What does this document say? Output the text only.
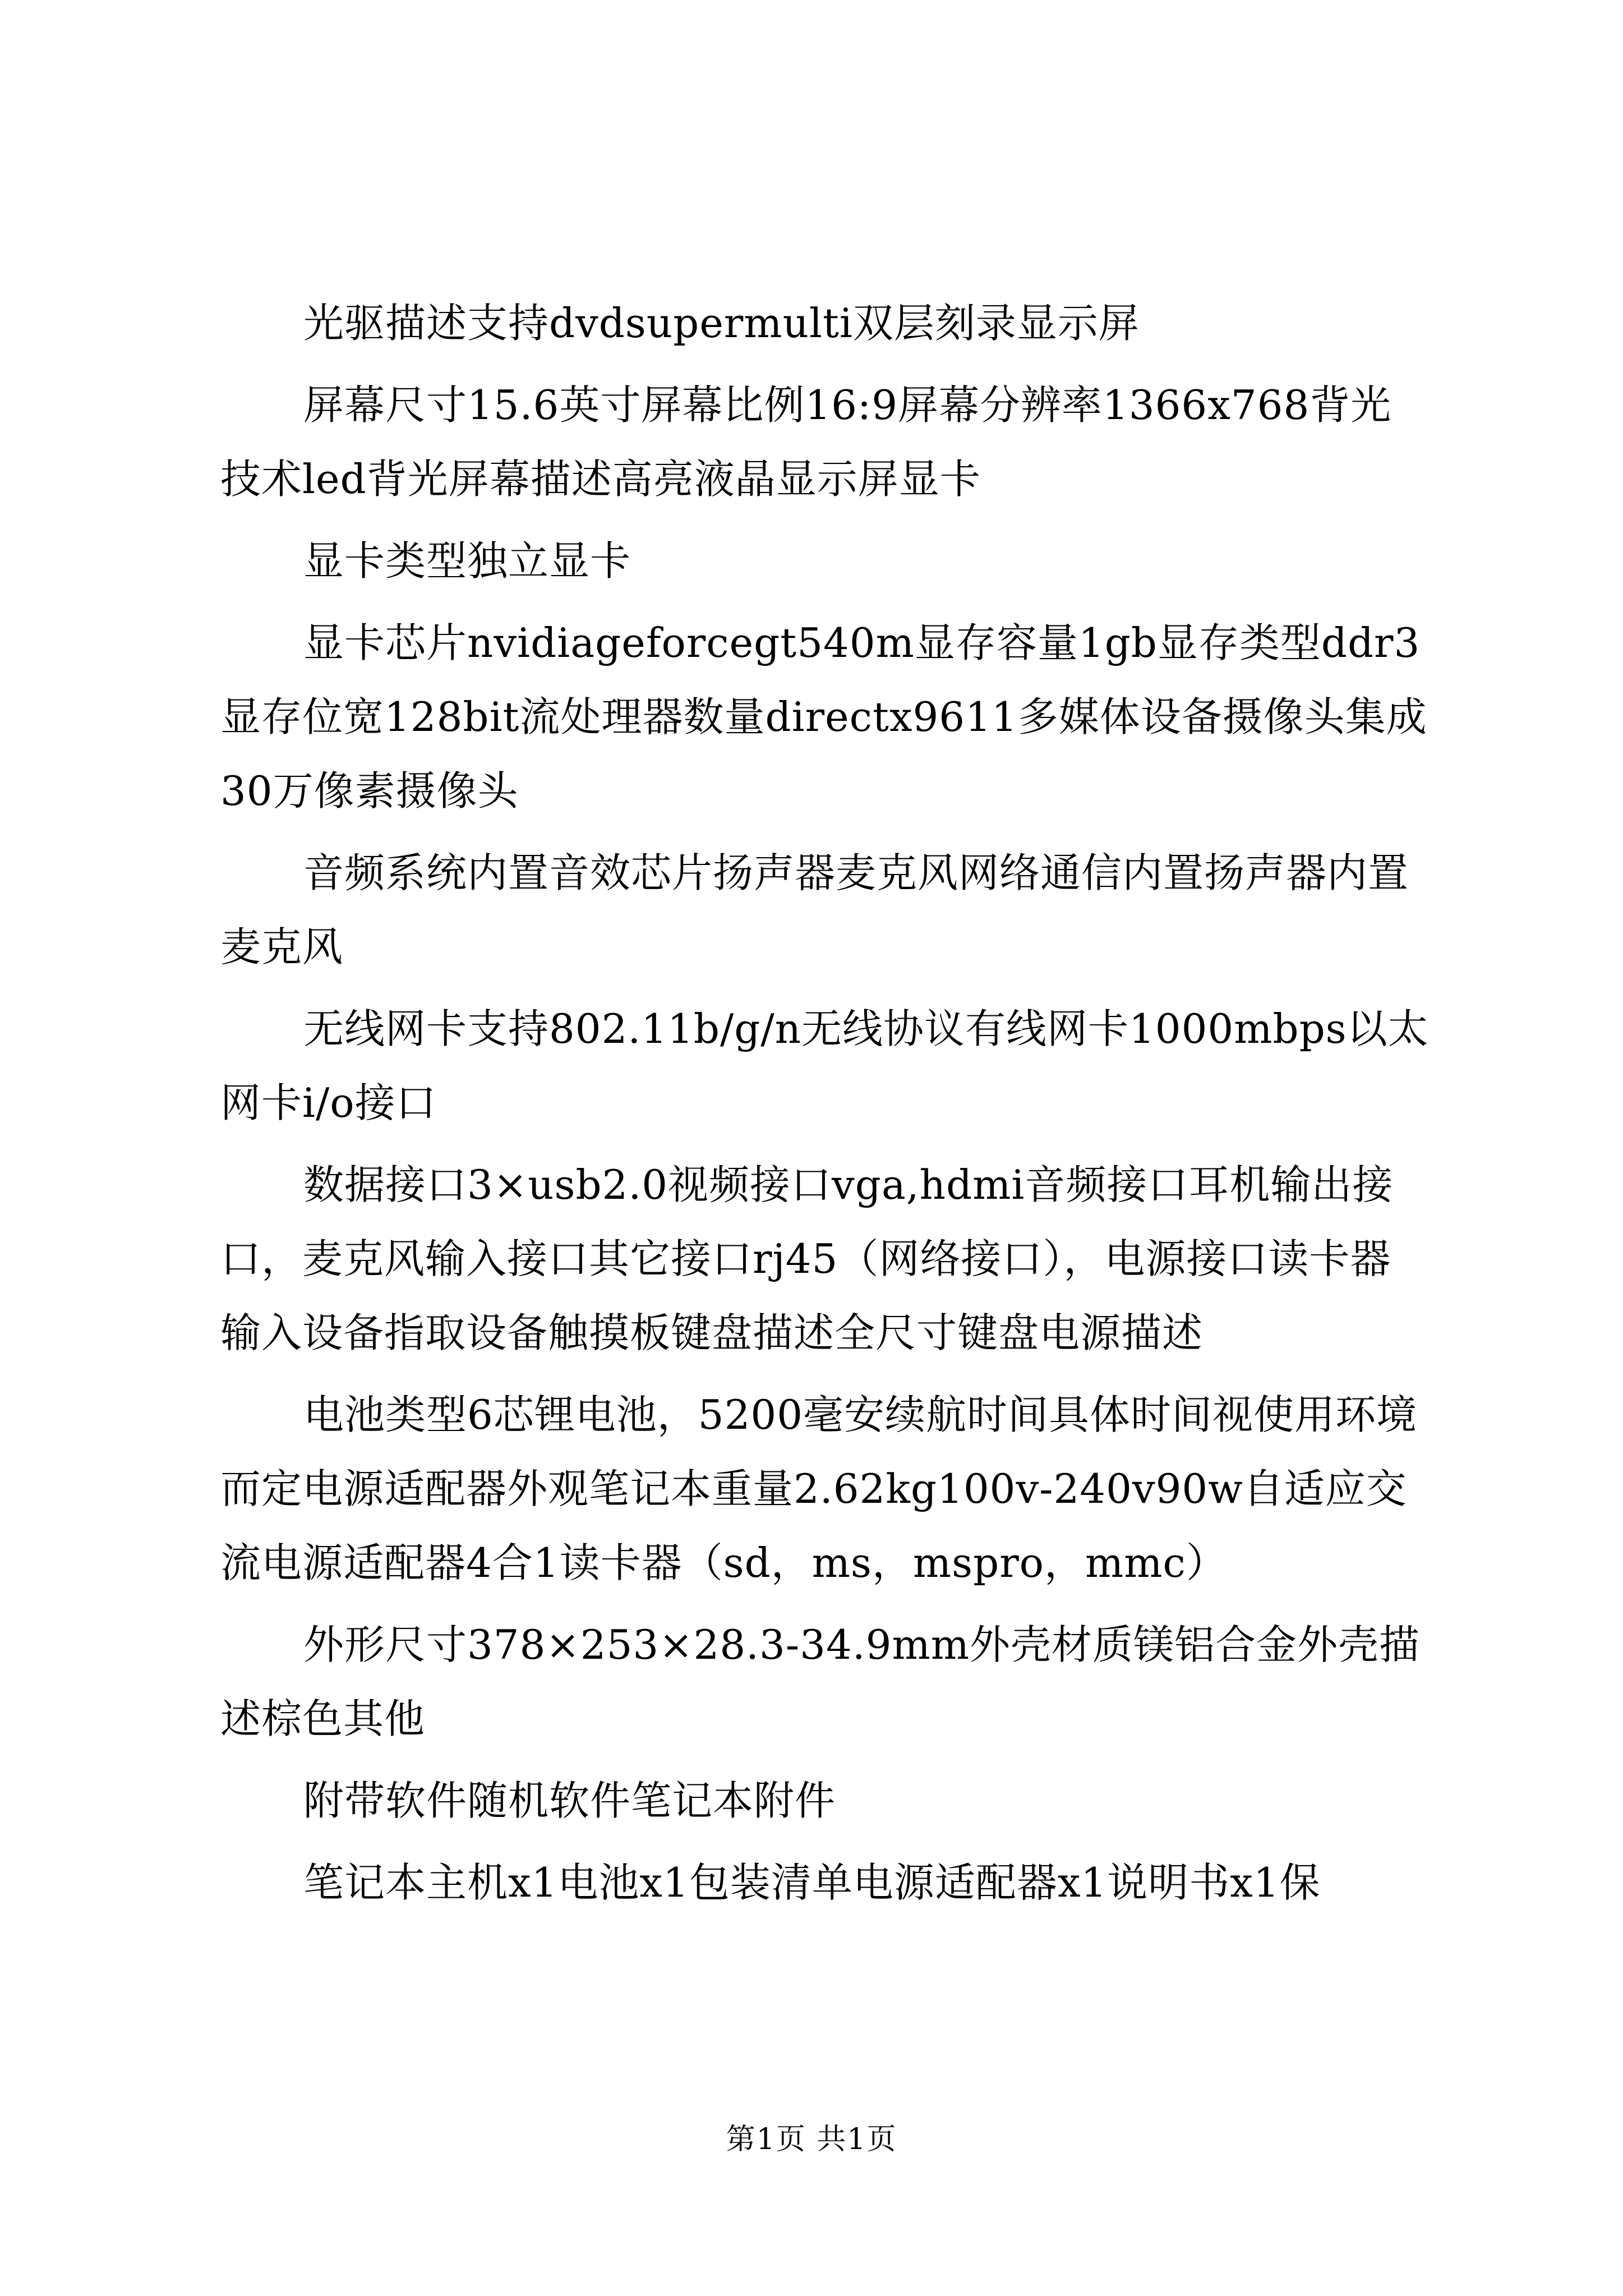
光驱描述支持dvdsupermulti双层刻录显示屏

屏幕尺寸15.6英寸屏幕比例16:9屏幕分辨率1366x768背光技术led背光屏幕描述高亮液晶显示屏显卡

显卡类型独立显卡

显卡芯片nvidiageforcegt540m显存容量1gb显存类型ddr3显存位宽128bit流处理器数量directx9611多媒体设备摄像头集成30万像素摄像头

音频系统内置音效芯片扬声器麦克风网络通信内置扬声器内置麦克风

无线网卡支持802.11b/g/n无线协议有线网卡1000mbps以太网卡i/o接口

数据接口3×usb2.0视频接口vga,hdmi音频接口耳机输出接口，麦克风输入接口其它接口rj45（网络接口），电源接口读卡器输入设备指取设备触摸板键盘描述全尺寸键盘电源描述

电池类型6芯锂电池，5200毫安续航时间具体时间视使用环境而定电源适配器外观笔记本重量2.62kg100v-240v90w自适应交流电源适配器4合1读卡器（sd，ms，mspro，mmc）

外形尺寸378×253×28.3-34.9mm外壳材质镁铝合金外壳描述棕色其他

附带软件随机软件笔记本附件

笔记本主机x1电池x1包装清单电源适配器x1说明书x1保

第1页 共1页
